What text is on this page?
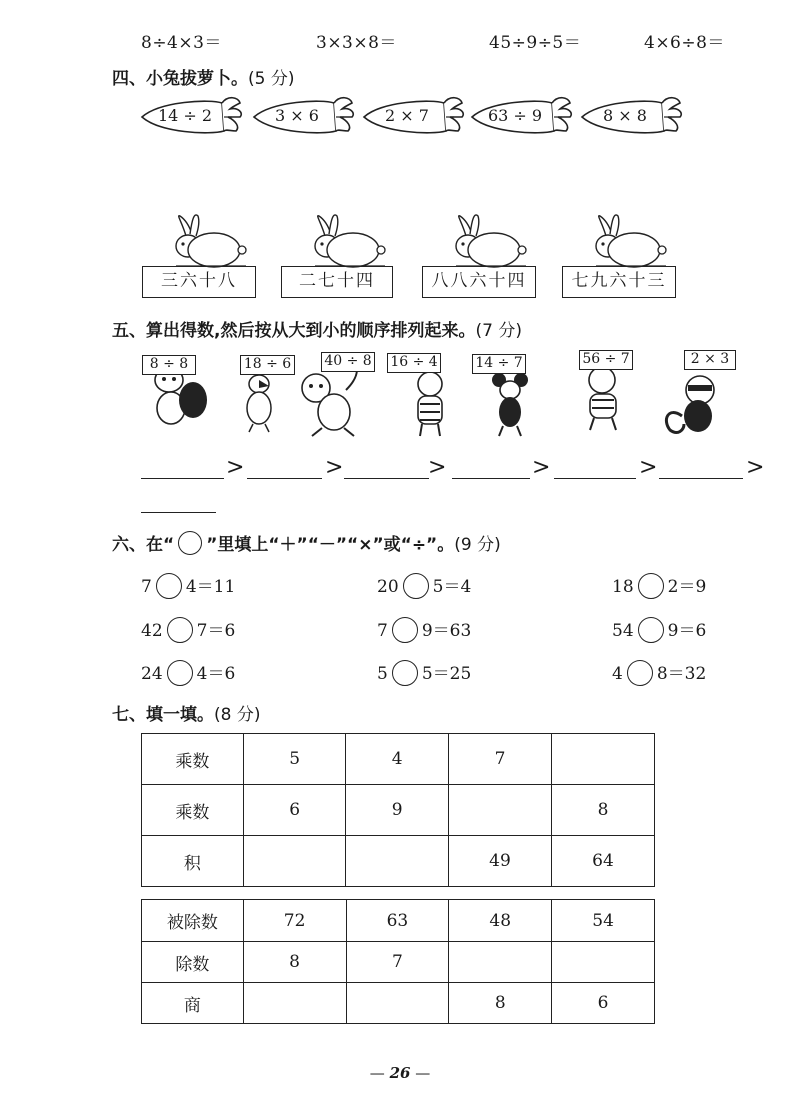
8÷4×3＝	3×3×8＝	45÷9÷5＝	4×6÷8＝
四、小兔拔萝卜。(5 分)
14 ÷ 2	3 × 6	2 × 7	63 ÷ 9	8 × 8
三六十八	二七十四	八八六十四	七九六十三
五、算出得数,然后按从大到小的顺序排列起来。(7 分)
8 ÷ 8	18 ÷ 6 40 ÷ 8 16 ÷ 4	14 ÷ 7	56 ÷ 7	2 × 3
>	>	>	>	>	>
六、在“ ”里填上“＋”“－”“×”或“÷”。(9 分)
7 4＝11	20 5＝4	18 2＝9
42 7＝6	7 9＝63	54 9＝6
24 4＝6	5 5＝25	4 8＝32
七、填一填。(8 分)
乘数	5	4	7	
乘数	6	9		8
积			49	64
被除数	72	63	48	54
除数	8	7		
商			8	6
— 26 —
